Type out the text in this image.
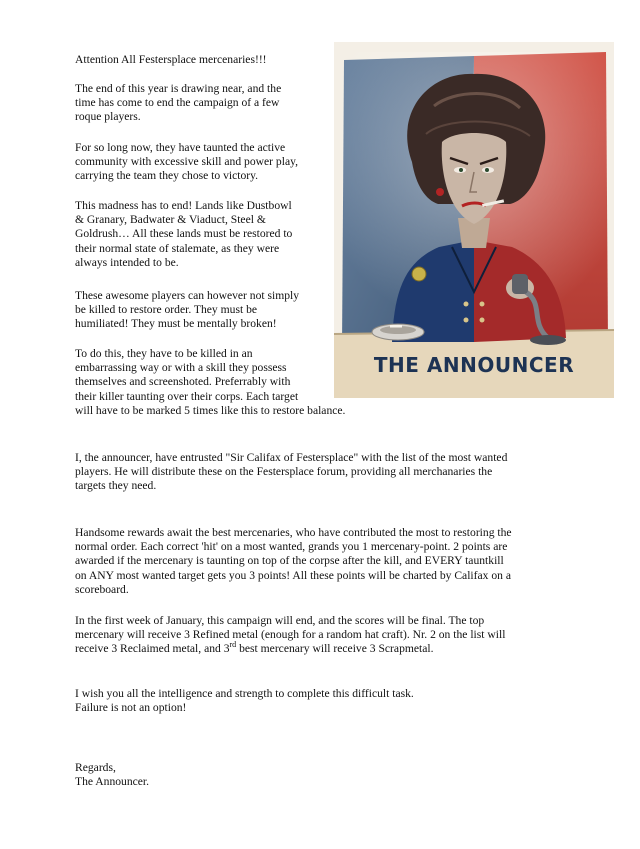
Attention All Festersplace mercenaries!!!

The end of this year is drawing near, and the
time has come to end the campaign of a few
roque players.

For so long now, they have taunted the active
community with excessive skill and power play,
carrying the team they chose to victory.

This madness has to end! Lands like Dustbowl
& Granary, Badwater & Viaduct, Steel &
Goldrush… All these lands must be restored to
their normal state of stalemate, as they were
always intended to be.

These awesome players can however not simply
be killed to restore order. They must be
humiliated! They must be mentally broken!

To do this, they have to be killed in an
embarrassing way or with a skill they possess
themselves and screenshoted. Preferrably with
their killer taunting over their corps. Each target
will have to be marked 5 times like this to restore balance.

I, the announcer, have entrusted "Sir Califax of Festersplace" with the list of the most wanted
players. He will distribute these on the Festersplace forum, providing all merchanaries the
targets they need.

Handsome rewards await the best mercenaries, who have contributed the most to restoring the
normal order. Each correct 'hit' on a most wanted, grands you 1 mercenary-point. 2 points are
awarded if the mercenary is taunting on top of the corpse after the kill, and EVERY tauntkill
on ANY most wanted target gets you 3 points! All these points will be charted by Califax on a
scoreboard.

In the first week of January, this campaign will end, and the scores will be final. The top
mercenary will receive 3 Refined metal (enough for a random hat craft). Nr. 2 on the list will
receive 3 Reclaimed metal, and 3rd best mercenary will receive 3 Scrapmetal.

I wish you all the intelligence and strength to complete this difficult task.
Failure is not an option!

Regards,

The Announcer.

THE ANNOUNCER
